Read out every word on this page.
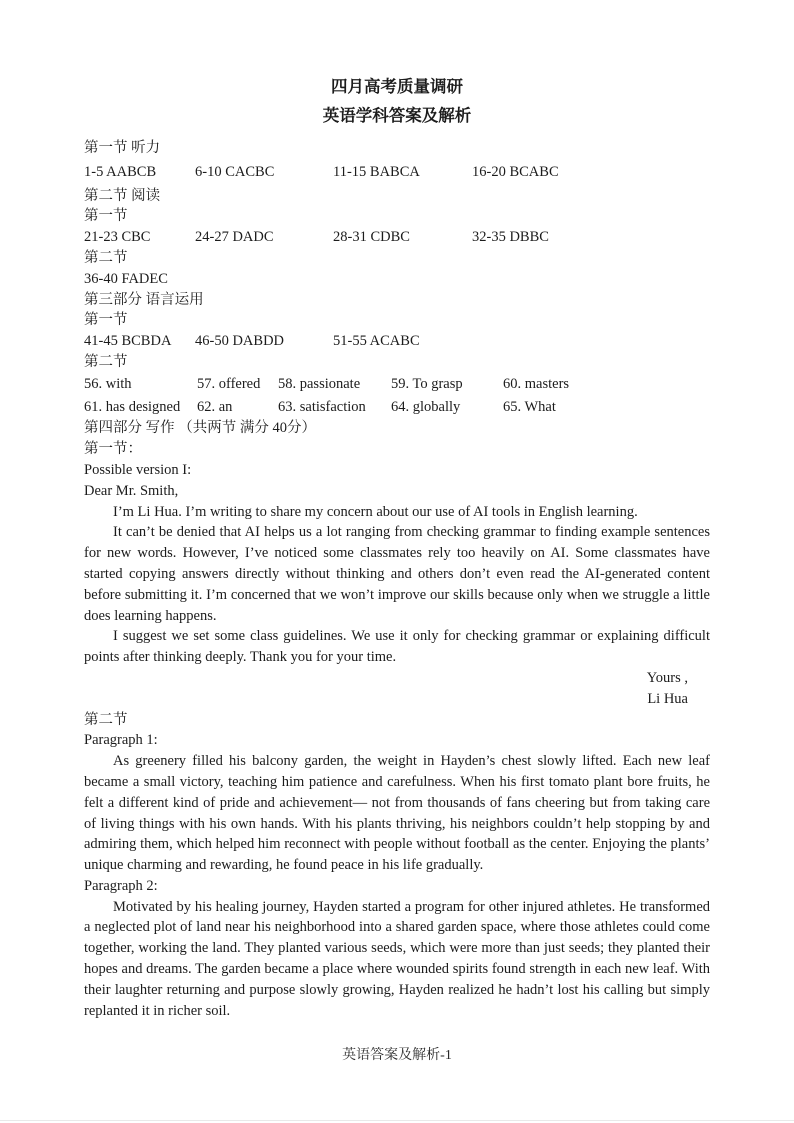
四月高考质量调研
英语学科答案及解析
第一节 听力
1-5 AABCB	6-10 CACBC	11-15 BABCA	16-20 BCABC
第二节 阅读
第一节
21-23 CBC	24-27 DADC	28-31 CDBC	32-35 DBBC
第二节
36-40 FADEC
第三部分 语言运用
第一节
41-45 BCBDA	46-50 DABDD	51-55 ACABC
第二节
56. with	57. offered	58. passionate	59. To grasp	60. masters
61. has designed	62. an	63. satisfaction	64. globally	65. What
第四部分 写作 （共两节 满分 40分）
第一节：
Possible version I:
Dear Mr. Smith,
I’m Li Hua. I’m writing to share my concern about our use of AI tools in English learning.
It can’t be denied that AI helps us a lot ranging from checking grammar to finding example sentences for new words. However, I’ve noticed some classmates rely too heavily on AI. Some classmates have started copying answers directly without thinking and others don’t even read the AI-generated content before submitting it. I’m concerned that we won’t improve our skills because only when we struggle a little does learning happens.
I suggest we set some class guidelines. We use it only for checking grammar or explaining difficult points after thinking deeply. Thank you for your time.
Yours ,
Li Hua
第二节
Paragraph 1:
As greenery filled his balcony garden, the weight in Hayden’s chest slowly lifted. Each new leaf became a small victory, teaching him patience and carefulness. When his first tomato plant bore fruits, he felt a different kind of pride and achievement— not from thousands of fans cheering but from taking care of living things with his own hands. With his plants thriving, his neighbors couldn’t help stopping by and admiring them, which helped him reconnect with people without football as the center. Enjoying the plants’ unique charming and rewarding, he found peace in his life gradually.
Paragraph 2:
Motivated by his healing journey, Hayden started a program for other injured athletes. He transformed a neglected plot of land near his neighborhood into a shared garden space, where those athletes could come together, working the land. They planted various seeds, which were more than just seeds; they planted their hopes and dreams. The garden became a place where wounded spirits found strength in each new leaf. With their laughter returning and purpose slowly growing, Hayden realized he hadn’t lost his calling but simply replanted it in richer soil.
英语答案及解析-1
